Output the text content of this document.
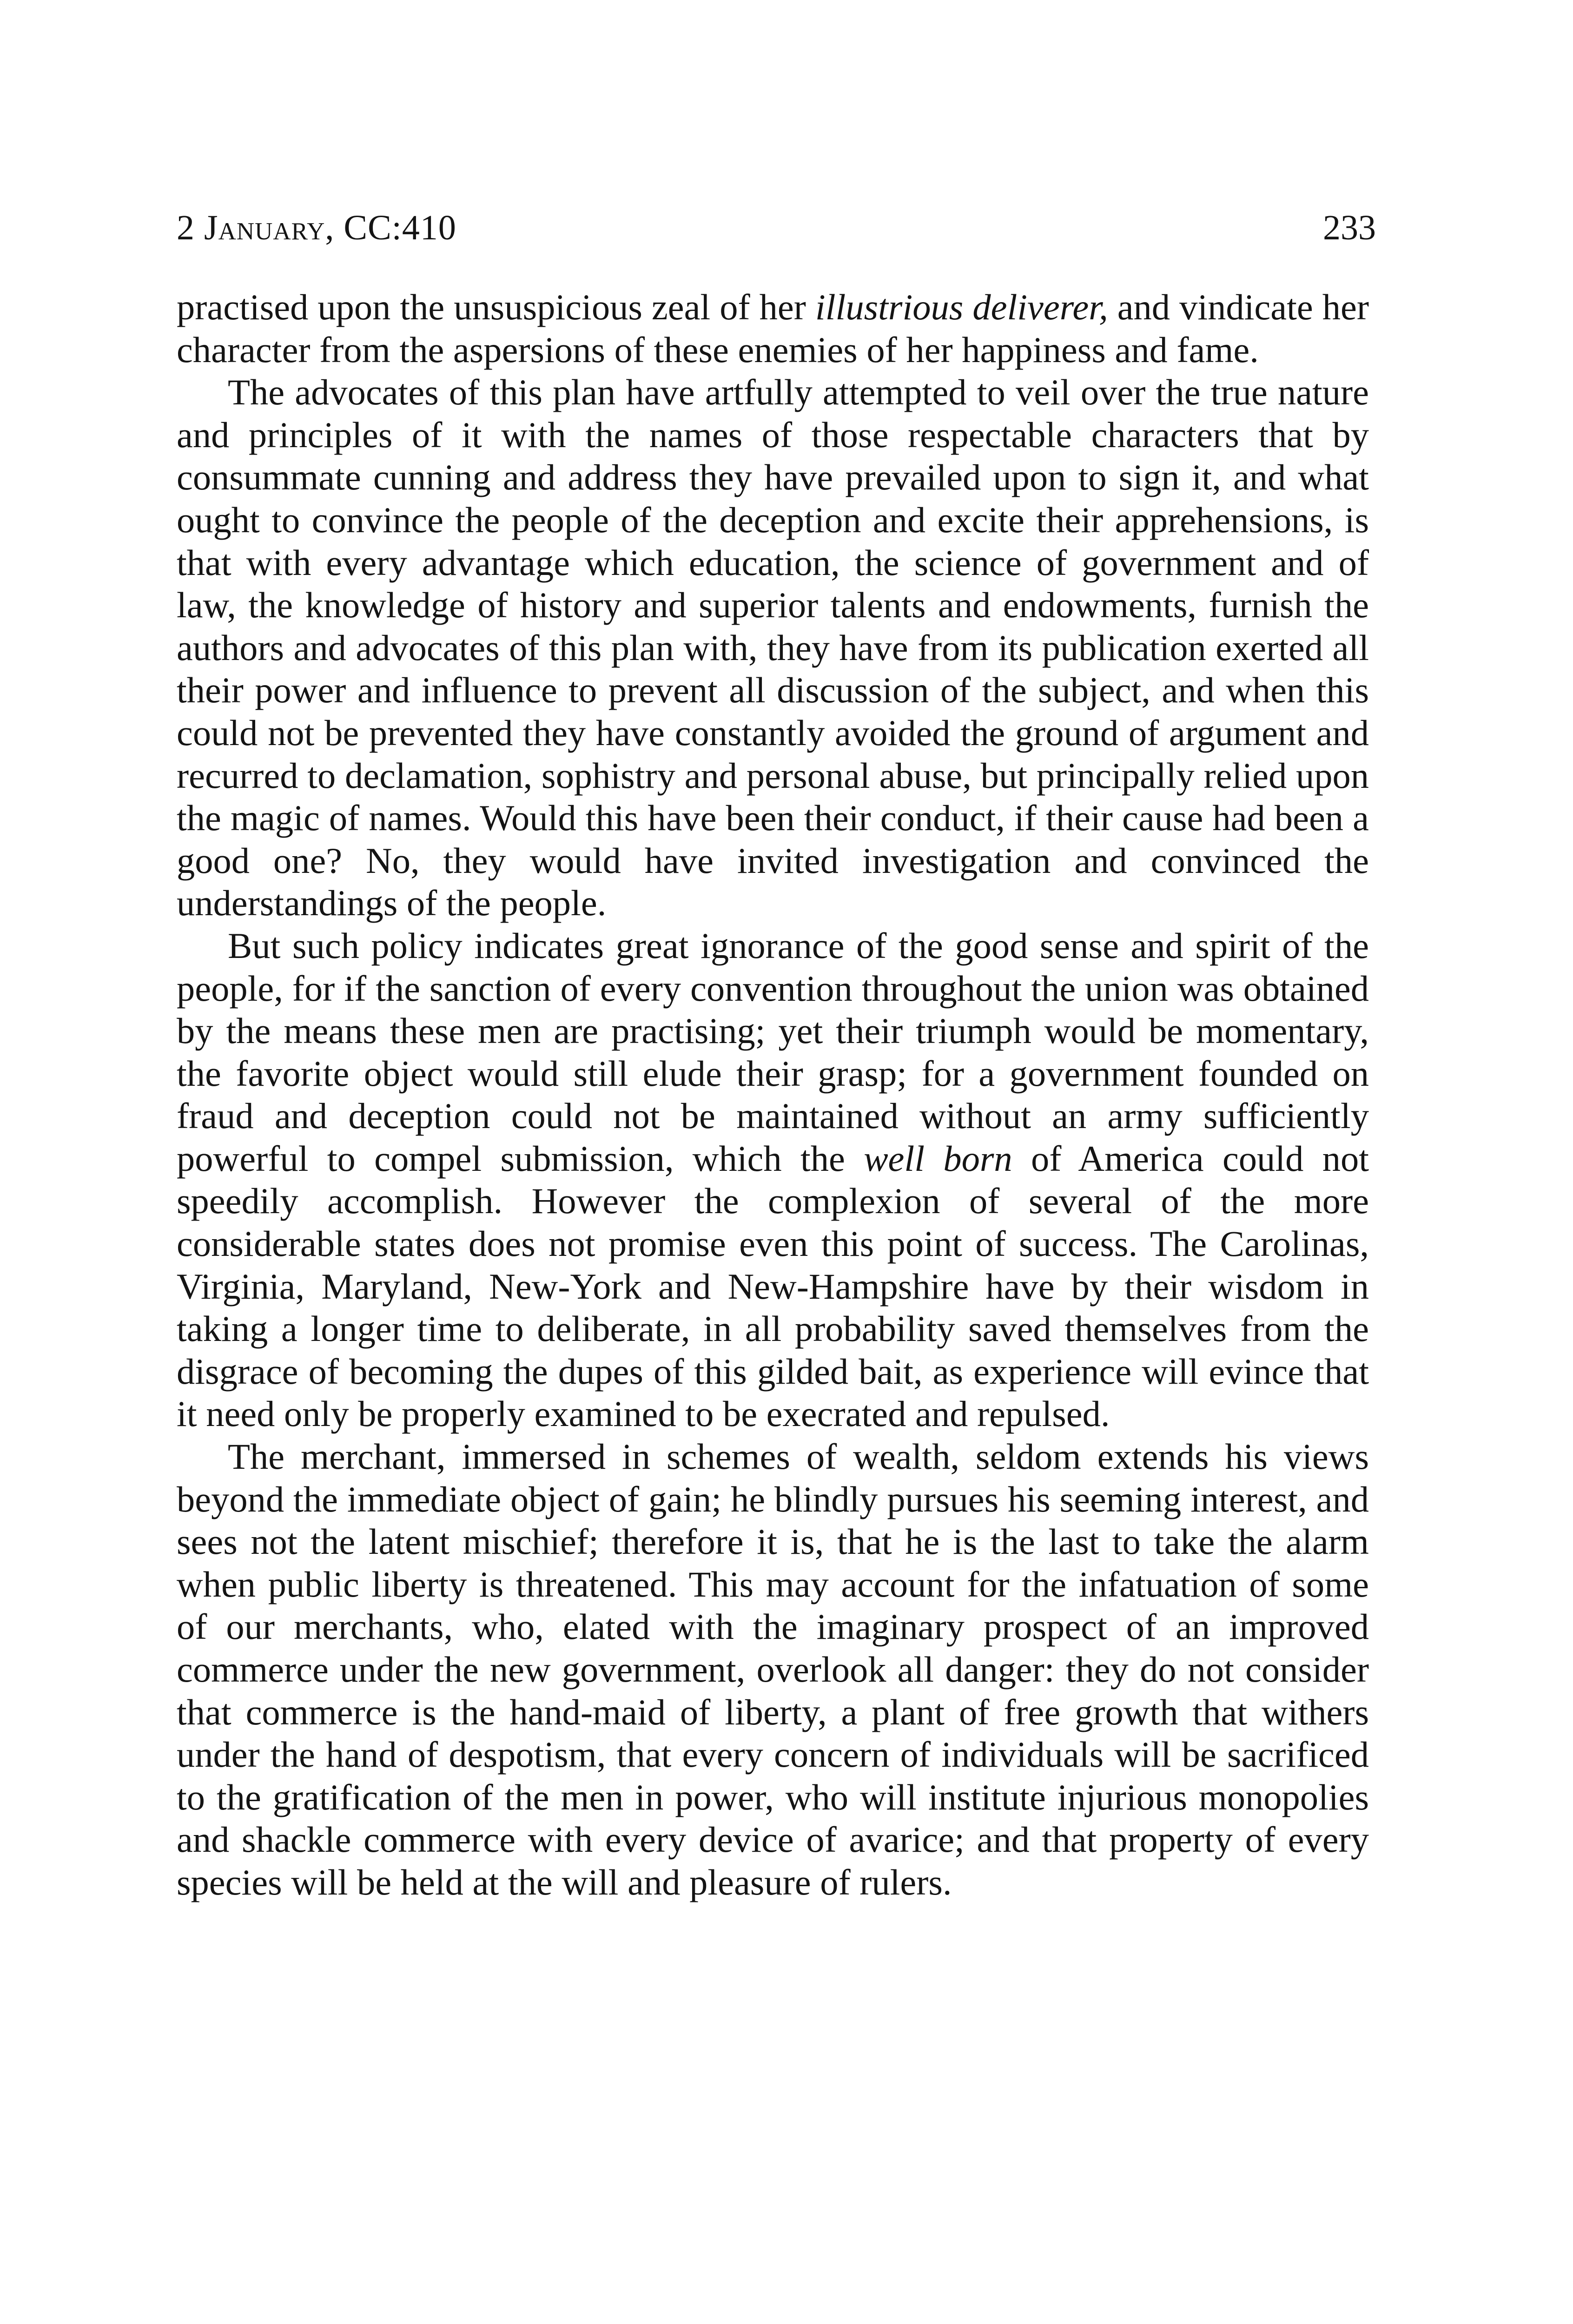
2 January, CC:410	233

practised upon the unsuspicious zeal of her illustrious deliverer, and vindicate her character from the aspersions of these enemies of her happiness and fame.

The advocates of this plan have artfully attempted to veil over the true nature and principles of it with the names of those respectable characters that by consummate cunning and address they have prevailed upon to sign it, and what ought to convince the people of the deception and excite their apprehensions, is that with every advantage which education, the science of government and of law, the knowledge of history and superior talents and endowments, furnish the authors and advocates of this plan with, they have from its publication exerted all their power and influence to prevent all discussion of the subject, and when this could not be prevented they have constantly avoided the ground of argument and recurred to declamation, sophistry and personal abuse, but principally relied upon the magic of names. Would this have been their conduct, if their cause had been a good one? No, they would have invited investigation and convinced the understandings of the people.

But such policy indicates great ignorance of the good sense and spirit of the people, for if the sanction of every convention throughout the union was obtained by the means these men are practising; yet their triumph would be momentary, the favorite object would still elude their grasp; for a government founded on fraud and deception could not be maintained without an army sufficiently powerful to compel submission, which the well born of America could not speedily accomplish. However the complexion of several of the more considerable states does not promise even this point of success. The Carolinas, Virginia, Maryland, New-York and New-Hampshire have by their wisdom in taking a longer time to deliberate, in all probability saved themselves from the disgrace of becoming the dupes of this gilded bait, as experience will evince that it need only be properly examined to be execrated and repulsed.

The merchant, immersed in schemes of wealth, seldom extends his views beyond the immediate object of gain; he blindly pursues his seeming interest, and sees not the latent mischief; therefore it is, that he is the last to take the alarm when public liberty is threatened. This may account for the infatuation of some of our merchants, who, elated with the imaginary prospect of an improved commerce under the new government, overlook all danger: they do not consider that commerce is the hand-maid of liberty, a plant of free growth that withers under the hand of despotism, that every concern of individuals will be sacrificed to the gratification of the men in power, who will institute injurious monopolies and shackle commerce with every device of avarice; and that property of every species will be held at the will and pleasure of rulers.
